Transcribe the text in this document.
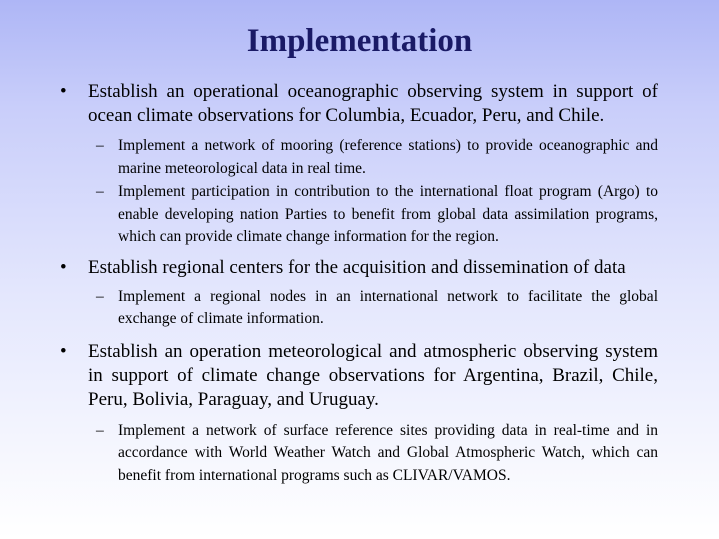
Implementation
• Establish an operational oceanographic observing system in support of ocean climate observations for Columbia, Ecuador, Peru, and Chile.
– Implement a network of mooring (reference stations) to provide oceanographic and marine meteorological data in real time.
– Implement participation in contribution to the international float program (Argo) to enable developing nation Parties to benefit from global data assimilation programs, which can provide climate change information for the region.
• Establish regional centers for the acquisition and dissemination of data
– Implement a regional nodes in an international network to facilitate the global exchange of climate information.
• Establish an operation meteorological and atmospheric observing system in support of climate change observations for Argentina, Brazil, Chile, Peru, Bolivia, Paraguay, and Uruguay.
– Implement a network of surface reference sites providing data in real-time and in accordance with World Weather Watch and Global Atmospheric Watch, which can benefit from international programs such as CLIVAR/VAMOS.
